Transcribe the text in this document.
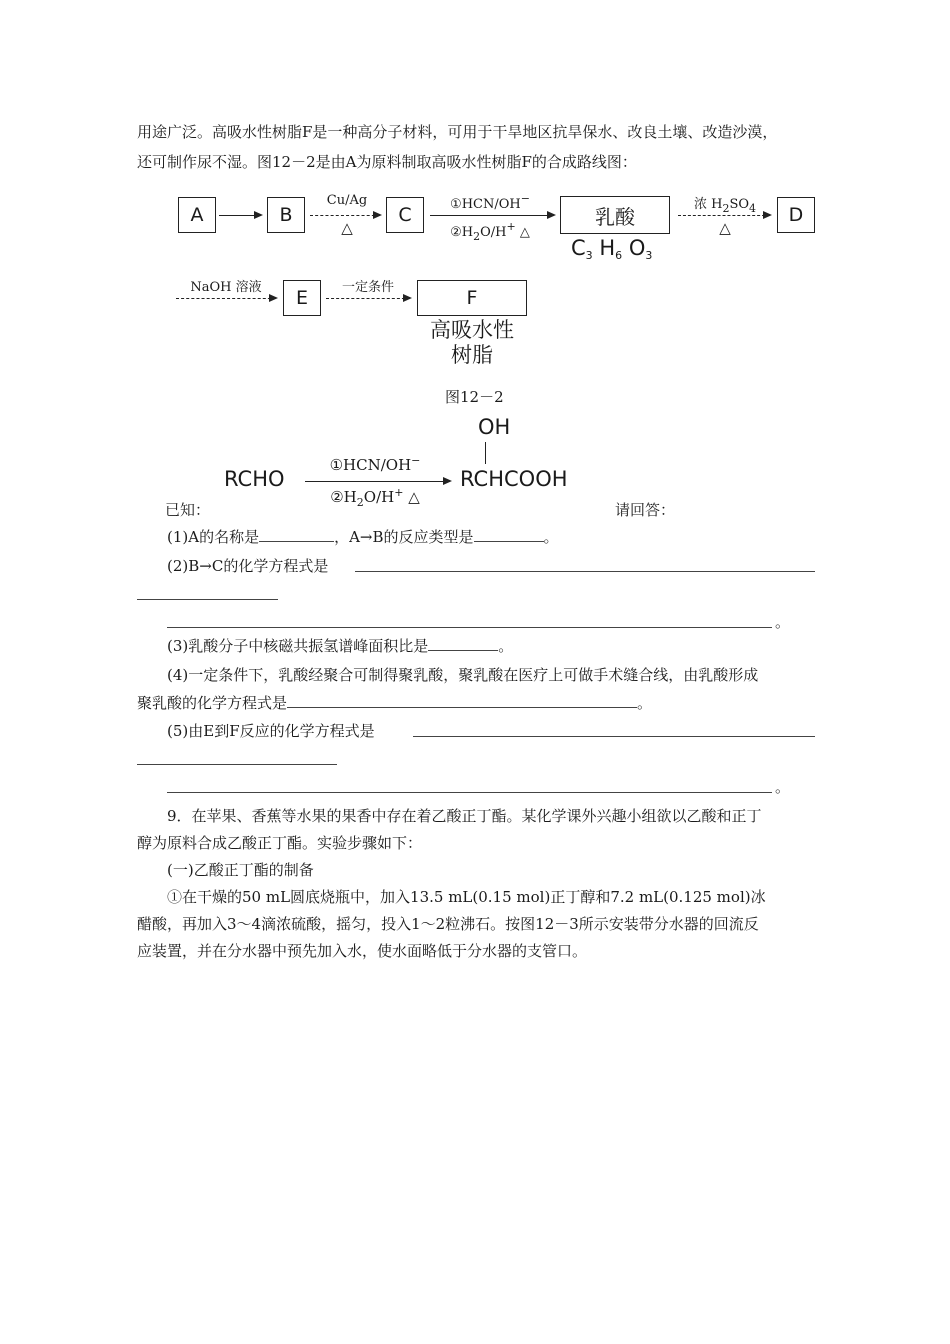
用途广泛。高吸水性树脂F是一种高分子材料，可用于干旱地区抗旱保水、改良土壤、改造沙漠，
还可制作尿不湿。图12－2是由A为原料制取高吸水性树脂F的合成路线图：
A	B
Cu/Ag
△
C	①HCN/OH−
$②H_2O/H^+$ △
乳酸
$C_3$ $H_6$ $O_3$
浓 $H_2SO_4$
△
D
NaOH 溶液	E	一定条件	F
高吸水性
树脂
图12－2
OH
RCHO
①HCN/OH−
$②H_2O/H^+$ △
RCHCOOH
已知：	请回答：
(1)A的名称是	，A→B的反应类型是	。
(2)B→C的化学方程式是
。
(3)乳酸分子中核磁共振氢谱峰面积比是	。
(4)一定条件下，乳酸经聚合可制得聚乳酸，聚乳酸在医疗上可做手术缝合线，由乳酸形成
聚乳酸的化学方程式是	。
(5)由E到F反应的化学方程式是
。
9．在苹果、香蕉等水果的果香中存在着乙酸正丁酯。某化学课外兴趣小组欲以乙酸和正丁
醇为原料合成乙酸正丁酯。实验步骤如下：
(一)乙酸正丁酯的制备
①在干燥的50 mL圆底烧瓶中，加入13.5 mL(0.15 mol)正丁醇和7.2 mL(0.125 mol)冰
醋酸，再加入3～4滴浓硫酸，摇匀，投入1～2粒沸石。按图12－3所示安装带分水器的回流反
应装置，并在分水器中预先加入水，使水面略低于分水器的支管口。
